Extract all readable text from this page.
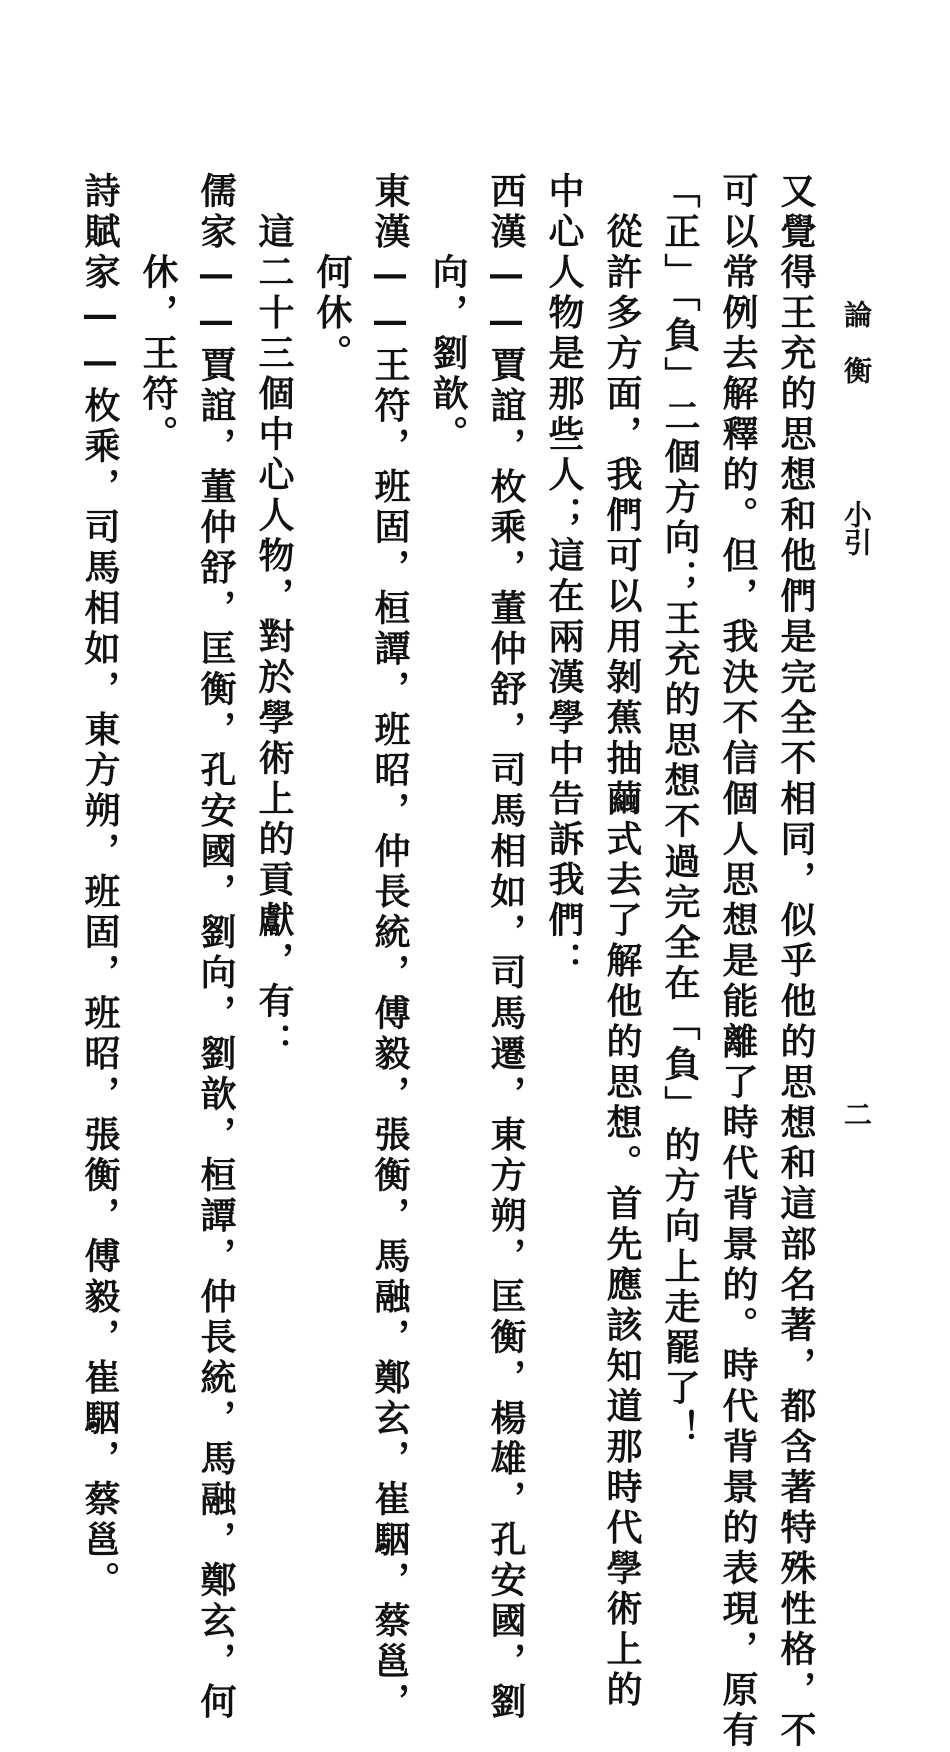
論　衡
小引
二
又覺得王充的思想和他們是完全不相同，似乎他的思想和這部名著，都含著特殊性格，不
可以常例去解釋的。但，我決不信個人思想是能離了時代背景的。時代背景的表現，原有
「正」「負」二個方向；王充的思想不過完全在「負」的方向上走罷了！
　從許多方面，我們可以用剝蕉抽繭式去了解他的思想。首先應該知道那時代學術上的
中心人物是那些人；這在兩漢學中告訴我們：
西漢——賈誼，枚乘，董仲舒，司馬相如，司馬遷，東方朔，匡衡，楊雄，孔安國，劉
　　向，劉歆。
東漢——王符，班固，桓譚，班昭，仲長統，傅毅，張衡，馬融，鄭玄，崔駰，蔡邕，
　　何休。
　這二十三個中心人物，對於學術上的貢獻，有：
儒家——賈誼，董仲舒，匡衡，孔安國，劉向，劉歆，桓譚，仲長統，馬融，鄭玄，何
　　休，王符。
詩賦家——枚乘，司馬相如，東方朔，班固，班昭，張衡，傅毅，崔駰，蔡邕。
